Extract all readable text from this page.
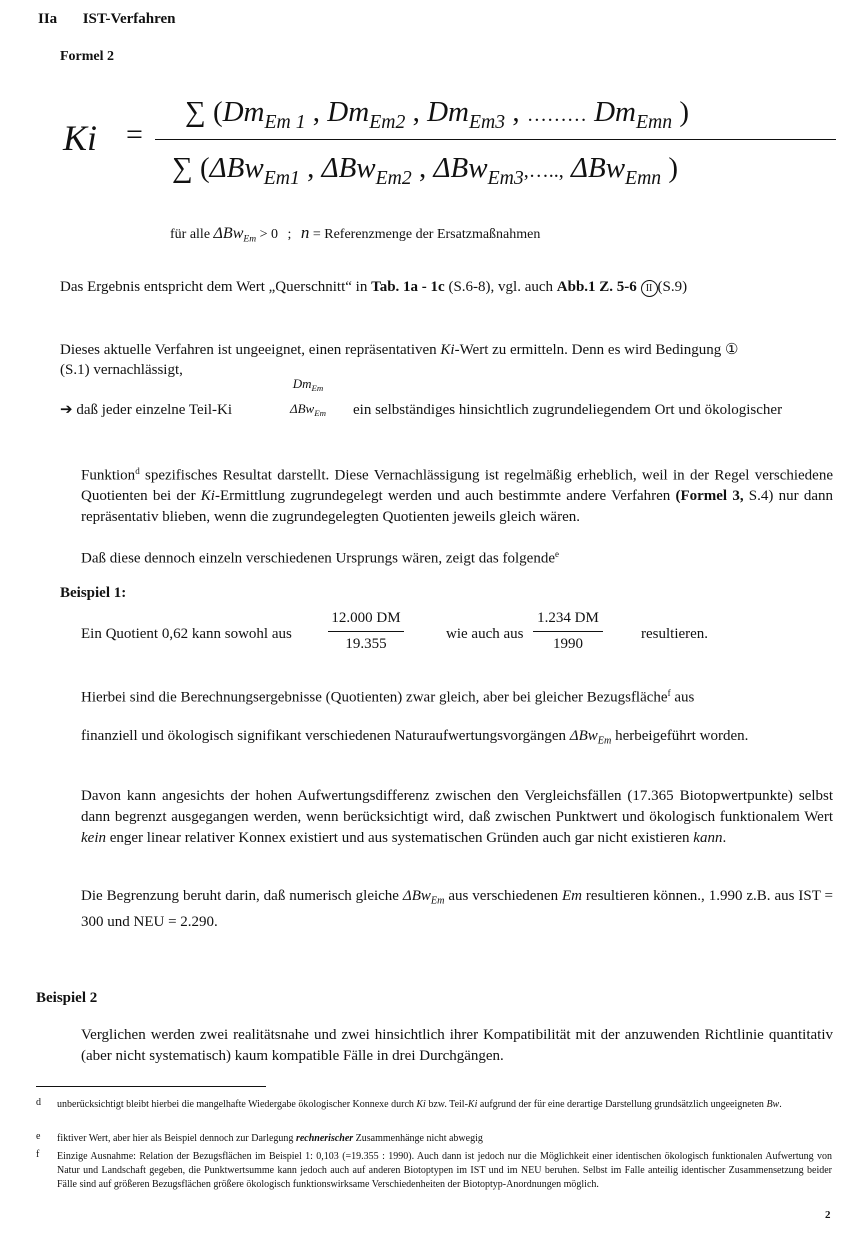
IIa IST-Verfahren
Formel 2
Ki =
∑ ($Dm_{Em 1}$ , $Dm_{Em2}$ , $Dm_{Em3}$ , ……… $Dm_{Emn}$ )
∑ (ΔBw$_{Em1}$ , ΔBw$_{Em2}$ , ΔBw$_{Em3}$,….., ΔBw$_{Emn}$ )
für alle ΔBw$_{Em}$ > 0 ; n = Referenzmenge der Ersatzmaßnahmen
Das Ergebnis entspricht dem Wert „Querschnitt“ in Tab. 1a - 1c (S.6-8), vgl. auch Abb.1 Z. 5-6 II (S.9)
Dieses aktuelle Verfahren ist ungeeignet, einen repräsentativen Ki-Wert zu ermitteln. Denn es wird Bedingung ①
(S.1) vernachlässigt,
➔ daß jeder einzelne Teil-Ki
$Dm_{Em}$
ΔBw$_{Em}$	ein selbständiges hinsichtlich zugrundeliegendem Ort und ökologischer
Funktion$^d$ spezifisches Resultat darstellt. Diese Vernachlässigung ist regelmäßig erheblich, weil in der Regel verschiedene Quotienten bei der Ki-Ermittlung zugrundegelegt werden und auch bestimmte andere Verfahren (Formel 3, S.4) nur dann repräsentativ blieben, wenn die zugrundegelegten Quotienten jeweils gleich wären.
Daß diese dennoch einzeln verschiedenen Ursprungs wären, zeigt das folgende$^e$
Beispiel 1:
Ein Quotient 0,62 kann sowohl aus
12.000 DM
19.355
wie auch aus
1.234 DM
1990
resultieren.
Hierbei sind die Berechnungsergebnisse (Quotienten) zwar gleich, aber bei gleicher Bezugsfläche$^f$ aus
finanziell und ökologisch signifikant verschiedenen Naturaufwertungsvorgängen ΔBw$_{Em}$ herbeigeführt worden.
Davon kann angesichts der hohen Aufwertungsdifferenz zwischen den Vergleichsfällen (17.365 Biotopwertpunkte) selbst dann begrenzt ausgegangen werden, wenn berücksichtigt wird, daß zwischen Punktwert und ökologisch funktionalem Wert kein enger linear relativer Konnex existiert und aus systematischen Gründen auch gar nicht existieren kann.
Die Begrenzung beruht darin, daß numerisch gleiche ΔBw$_{Em}$ aus verschiedenen Em resultieren können., 1.990 z.B. aus IST = 300 und NEU = 2.290.
Beispiel 2
Verglichen werden zwei realitätsnahe und zwei hinsichtlich ihrer Kompatibilität mit der anzuwenden Richtlinie quantitativ (aber nicht systematisch) kaum kompatible Fälle in drei Durchgängen.
d unberücksichtigt bleibt hierbei die mangelhafte Wiedergabe ökologischer Konnexe durch Ki bzw. Teil-Ki aufgrund der für eine derartige Darstellung grundsätzlich ungeeigneten Bw.
e fiktiver Wert, aber hier als Beispiel dennoch zur Darlegung rechnerischer Zusammenhänge nicht abwegig
f Einzige Ausnahme: Relation der Bezugsflächen im Beispiel 1: 0,103 (=19.355 : 1990). Auch dann ist jedoch nur die Möglichkeit einer identischen ökologisch funktionalen Aufwertung von Natur und Landschaft gegeben, die Punktwertsumme kann jedoch auch auf anderen Biotoptypen im IST und im NEU beruhen. Selbst im Falle anteilig identischer Zusammensetzung beider Fälle sind auf größeren Bezugsflächen größere ökologisch funktionswirksame Verschiedenheiten der Biotoptyp-Anordnungen möglich.
2
